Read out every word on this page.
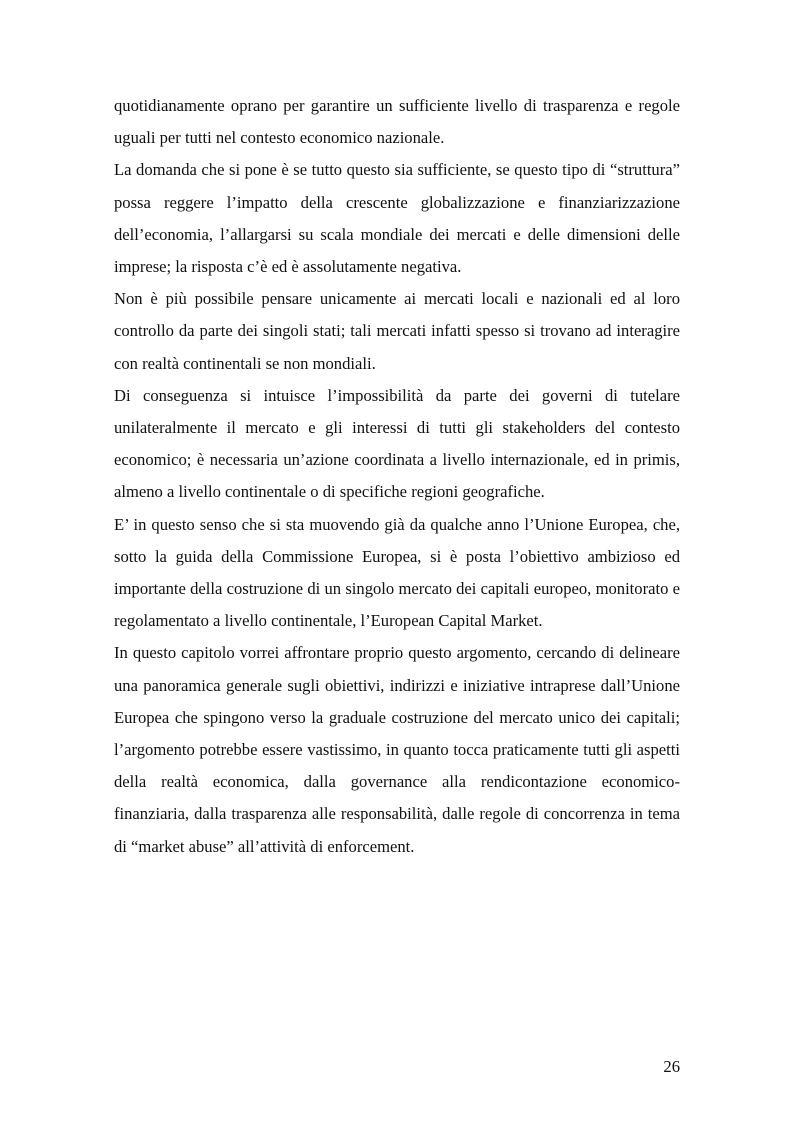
quotidianamente oprano per garantire un sufficiente livello di trasparenza e regole uguali per tutti nel contesto economico nazionale.

La domanda che si pone è se tutto questo sia sufficiente, se questo tipo di “struttura” possa reggere l’impatto della crescente globalizzazione e finanziarizzazione dell’economia, l’allargarsi su scala mondiale dei mercati e delle dimensioni delle imprese; la risposta c’è ed è assolutamente negativa.

Non è più possibile pensare unicamente ai mercati locali e nazionali ed al loro controllo da parte dei singoli stati; tali mercati infatti spesso si trovano ad interagire con realtà continentali se non mondiali.

Di conseguenza si intuisce l’impossibilità da parte dei governi di tutelare unilateralmente il mercato e gli interessi di tutti gli stakeholders del contesto economico; è necessaria un’azione coordinata a livello internazionale, ed in primis, almeno a livello continentale o di specifiche regioni geografiche.

E’ in questo senso che si sta muovendo già da qualche anno l’Unione Europea, che, sotto la guida della Commissione Europea, si è posta l’obiettivo ambizioso ed importante della costruzione di un singolo mercato dei capitali europeo, monitorato e regolamentato a livello continentale, l’European Capital Market.

In questo capitolo vorrei affrontare proprio questo argomento, cercando di delineare una panoramica generale sugli obiettivi, indirizzi e iniziative intraprese dall’Unione Europea che spingono verso la graduale costruzione del mercato unico dei capitali; l’argomento potrebbe essere vastissimo, in quanto tocca praticamente tutti gli aspetti della realtà economica, dalla governance alla rendicontazione economico-finanziaria, dalla trasparenza alle responsabilità, dalle regole di concorrenza in tema di “market abuse” all’attività di enforcement.

26
